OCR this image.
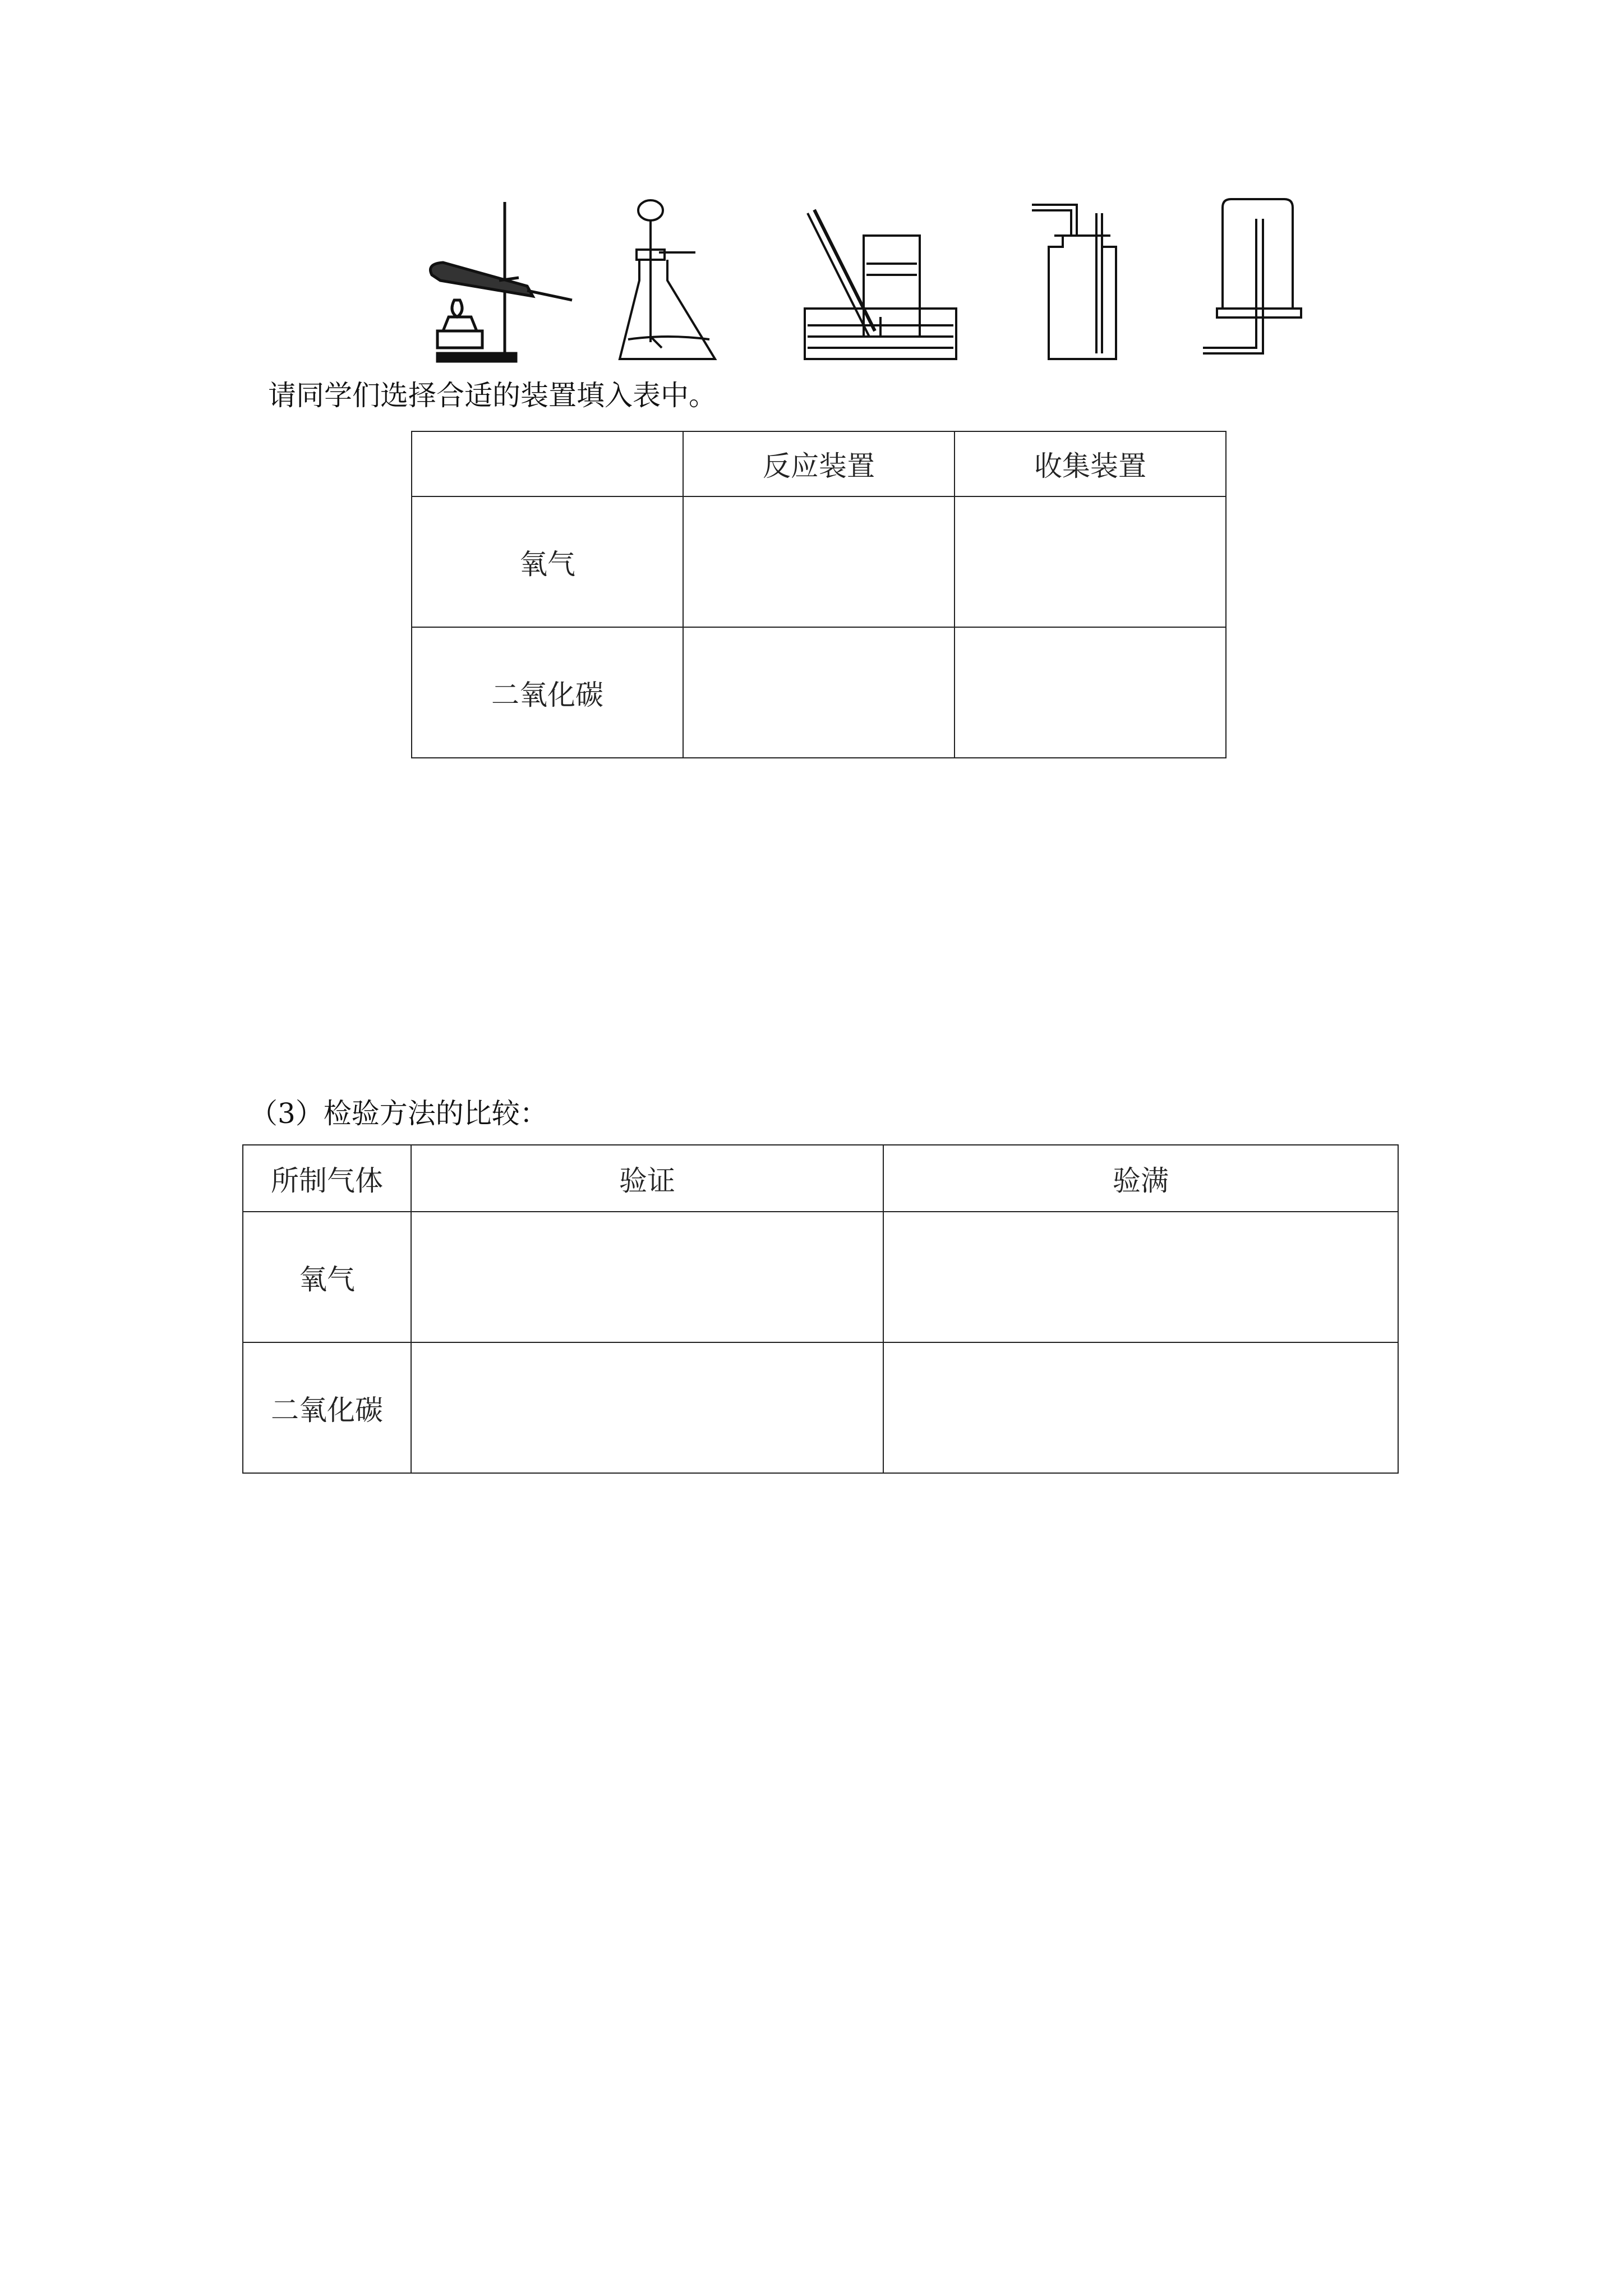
请同学们选择合适的装置填入表中。
	反应装置	收集装置
氧气		
二氧化碳		
（3）检验方法的比较：
所制气体	验证	验满
氧气		
二氧化碳		
